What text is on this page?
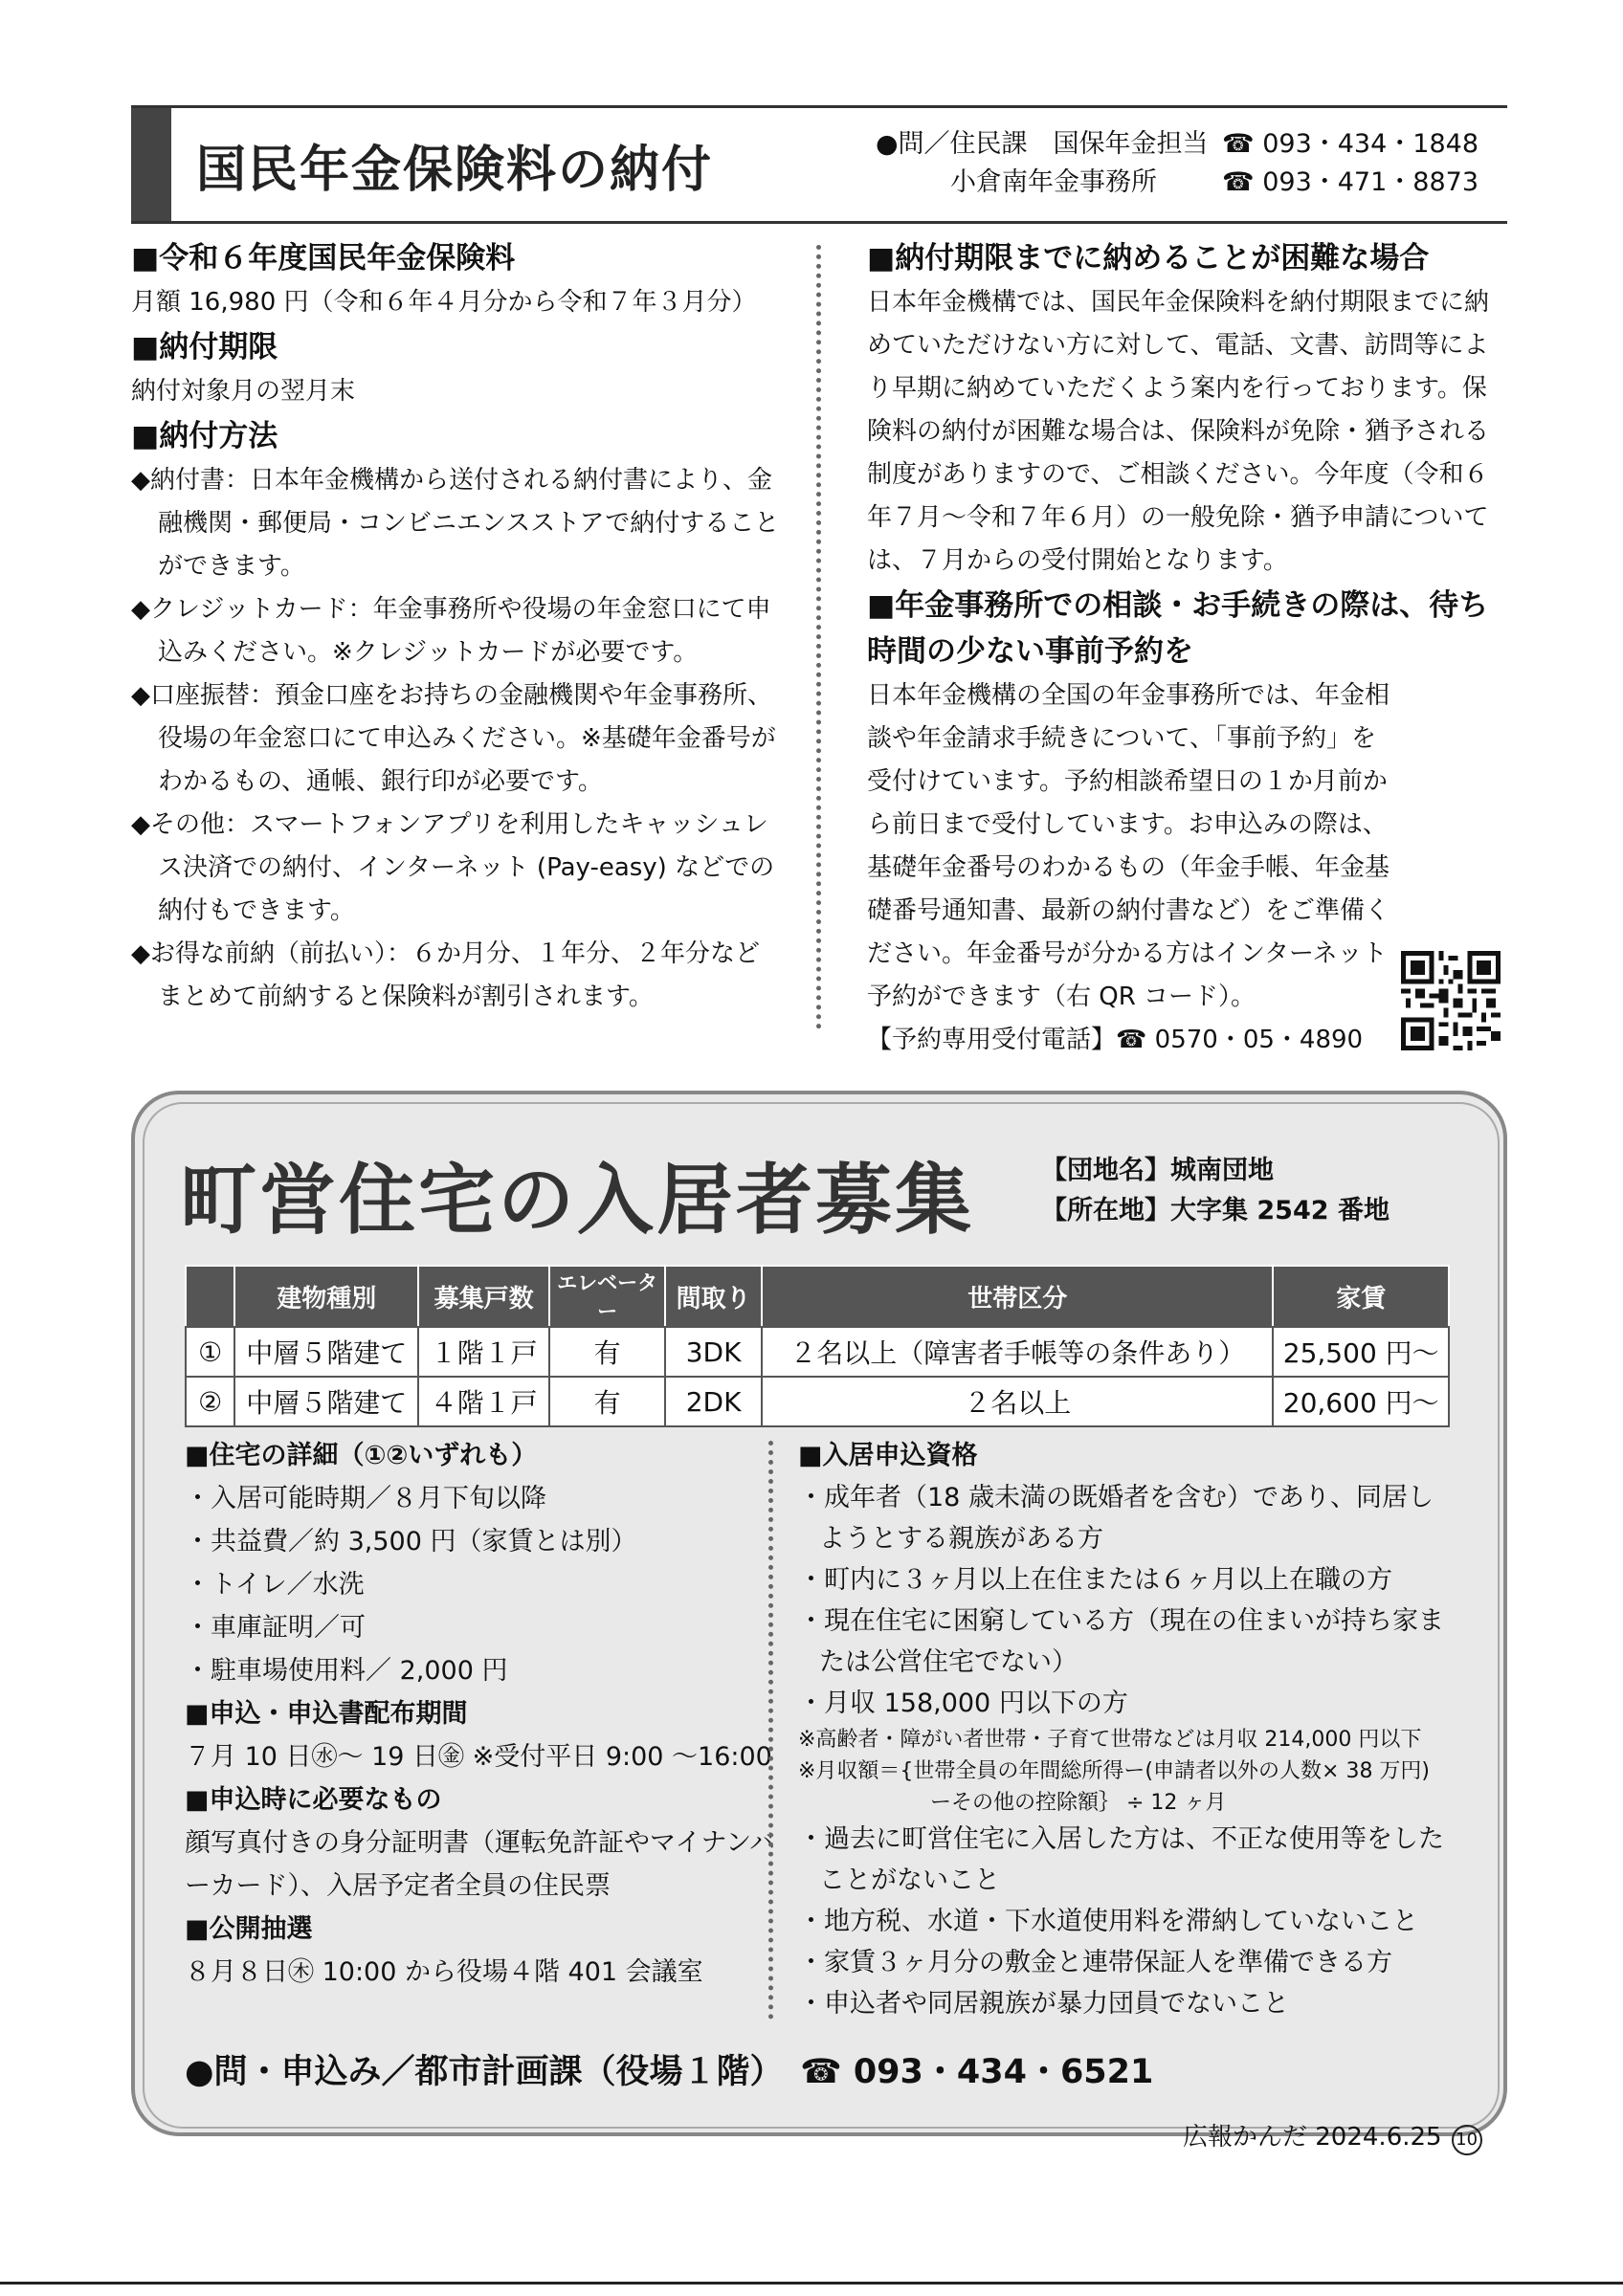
国民年金保険料の納付	●問／住民課　国保年金担当 ☎ 093・434・1848
小倉南年金事務所	☎ 093・471・8873
■令和６年度国民年金保険料
月額 16,980 円（令和６年４月分から令和７年３月分）
■納付期限
納付対象月の翌月末
■納付方法
◆納付書：日本年金機構から送付される納付書により、金融機関・郵便局・コンビニエンスストアで納付することができます。
◆クレジットカード：年金事務所や役場の年金窓口にて申込みください。※クレジットカードが必要です。
◆口座振替：預金口座をお持ちの金融機関や年金事務所、役場の年金窓口にて申込みください。※基礎年金番号がわかるもの、通帳、銀行印が必要です。
◆その他：スマートフォンアプリを利用したキャッシュレス決済での納付、インターネット (Pay-easy) などでの納付もできます。
◆お得な前納（前払い）：６か月分、１年分、２年分などまとめて前納すると保険料が割引されます。
■納付期限までに納めることが困難な場合
日本年金機構では、国民年金保険料を納付期限までに納めていただけない方に対して、電話、文書、訪問等により早期に納めていただくよう案内を行っております。保険料の納付が困難な場合は、保険料が免除・猶予される制度がありますので、ご相談ください。今年度（令和６年７月〜令和７年６月）の一般免除・猶予申請については、７月からの受付開始となります。
■年金事務所での相談・お手続きの際は、待ち時間の少ない事前予約を
日本年金機構の全国の年金事務所では、年金相談や年金請求手続きについて、「事前予約」を受付けています。予約相談希望日の１か月前から前日まで受付しています。お申込みの際は、基礎年金番号のわかるもの（年金手帳、年金基礎番号通知書、最新の納付書など）をご準備ください。年金番号が分かる方はインターネット予約ができます（右 QR コード）。
【予約専用受付電話】☎ 0570・05・4890
町営住宅の入居者募集	【団地名】城南団地
【所在地】大字集 2542 番地
	建物種別	募集戸数	エレベーター	間取り	世帯区分	家賃
①	中層５階建て	１階１戸	有	3DK	２名以上（障害者手帳等の条件あり）	25,500 円〜
②	中層５階建て	４階１戸	有	2DK	２名以上	20,600 円〜
■住宅の詳細（①②いずれも）
・入居可能時期／８月下旬以降
・共益費／約 3,500 円（家賃とは別）
・トイレ／水洗
・車庫証明／可
・駐車場使用料／ 2,000 円
■申込・申込書配布期間
７月 10 日㊌〜 19 日㊎ ※受付平日 9:00 〜16:00
■申込時に必要なもの
顔写真付きの身分証明書（運転免許証やマイナンバーカード）、入居予定者全員の住民票
■公開抽選
８月８日㊍ 10:00 から役場４階 401 会議室
■入居申込資格
・成年者（18 歳未満の既婚者を含む）であり、同居しようとする親族がある方
・町内に３ヶ月以上在住または６ヶ月以上在職の方
・現在住宅に困窮している方（現在の住まいが持ち家または公営住宅でない）
・月収 158,000 円以下の方
※高齢者・障がい者世帯・子育て世帯などは月収 214,000 円以下
※月収額＝{世帯全員の年間総所得ー(申請者以外の人数× 38 万円)
ーその他の控除額｝ ÷ 12 ヶ月
・過去に町営住宅に入居した方は、不正な使用等をしたことがないこと
・地方税、水道・下水道使用料を滞納していないこと
・家賃３ヶ月分の敷金と連帯保証人を準備できる方
・申込者や同居親族が暴力団員でないこと
●問・申込み／都市計画課（役場１階）　☎ 093・434・6521
広報かんだ 2024.6.25 10
